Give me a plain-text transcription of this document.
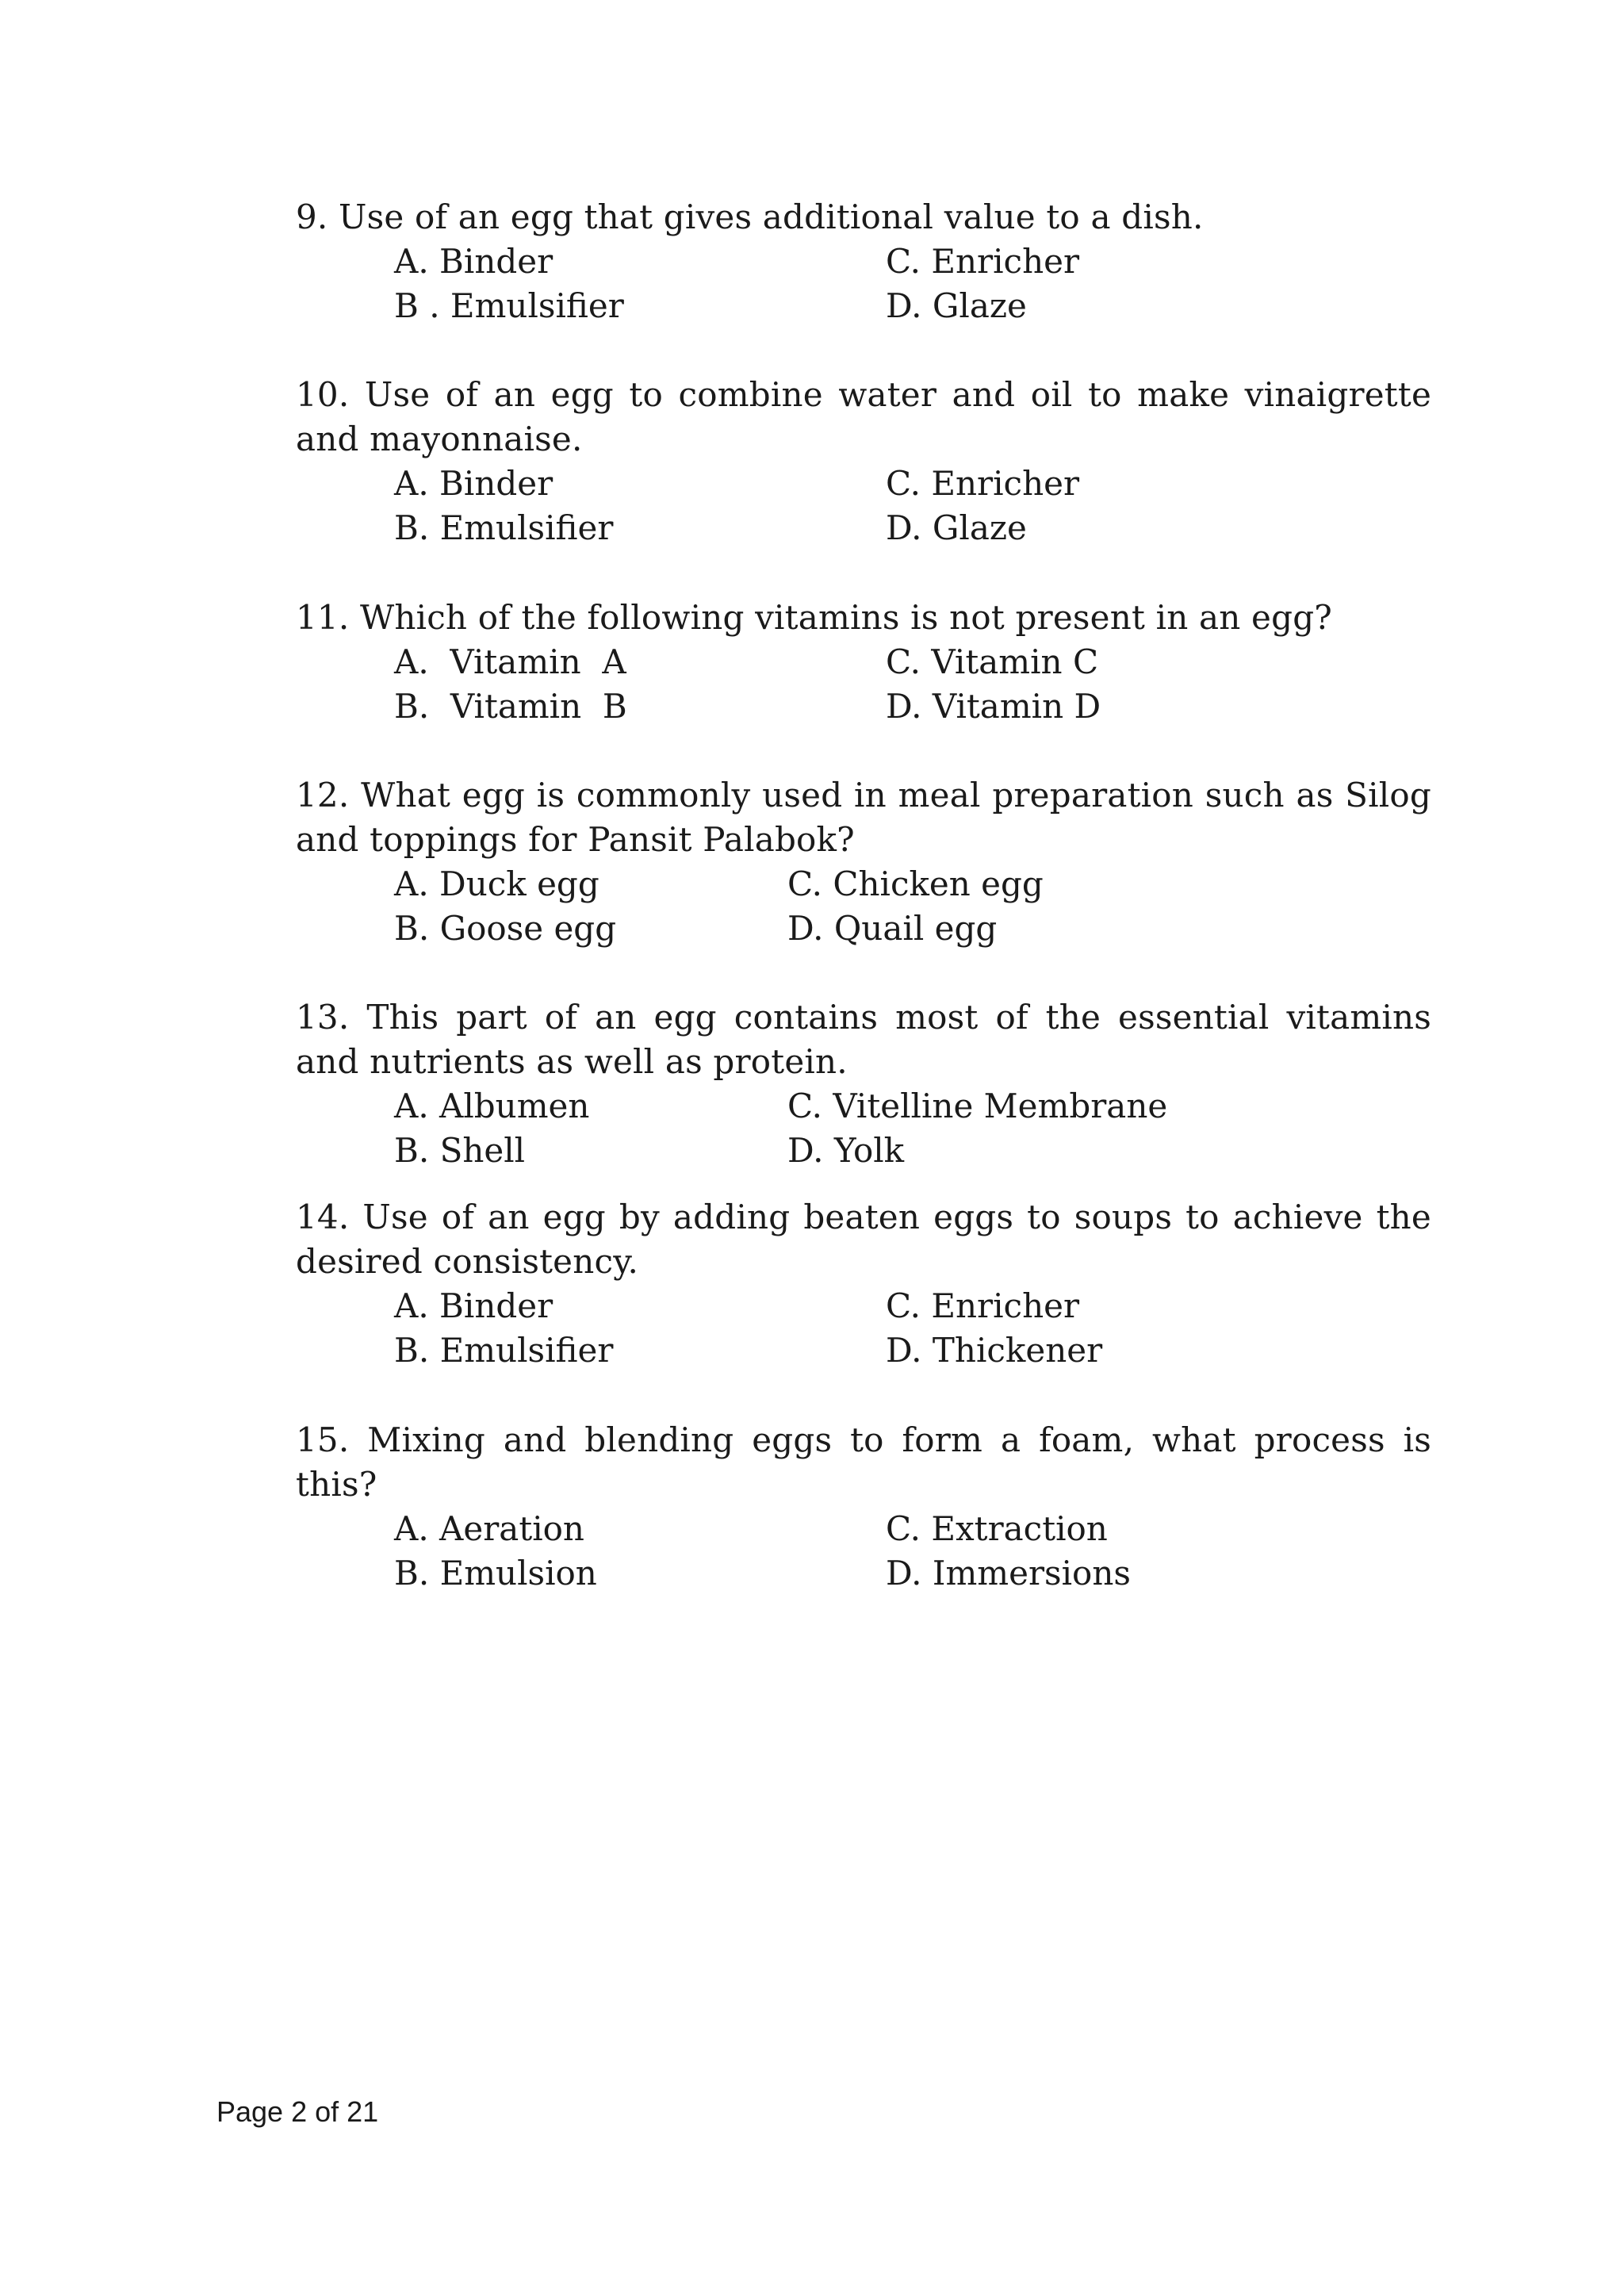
9. Use of an egg that gives additional value to a dish.

A. Binder
B . Emulsifier
C. Enricher
D. Glaze

10. Use of an egg to combine water and oil to make vinaigrette and mayonnaise.

A. Binder
B. Emulsifier
C. Enricher
D. Glaze

11. Which of the following vitamins is not present in an egg?

A.  Vitamin  A
B.  Vitamin  B
C. Vitamin C
D. Vitamin D

12. What egg is commonly used in meal preparation such as Silog and toppings for Pansit Palabok?

A. Duck egg
B. Goose egg
C. Chicken egg
D. Quail egg

13. This part of an egg contains most of the essential vitamins and nutrients as well as protein.

A. Albumen
B. Shell
C. Vitelline Membrane
D. Yolk

14. Use of an egg by adding beaten eggs to soups to achieve the desired consistency.

A. Binder
B. Emulsifier
C. Enricher
D. Thickener

15. Mixing and blending eggs to form a foam, what process is this?

A. Aeration
B. Emulsion
C. Extraction
D. Immersions
Page 2 of 21
